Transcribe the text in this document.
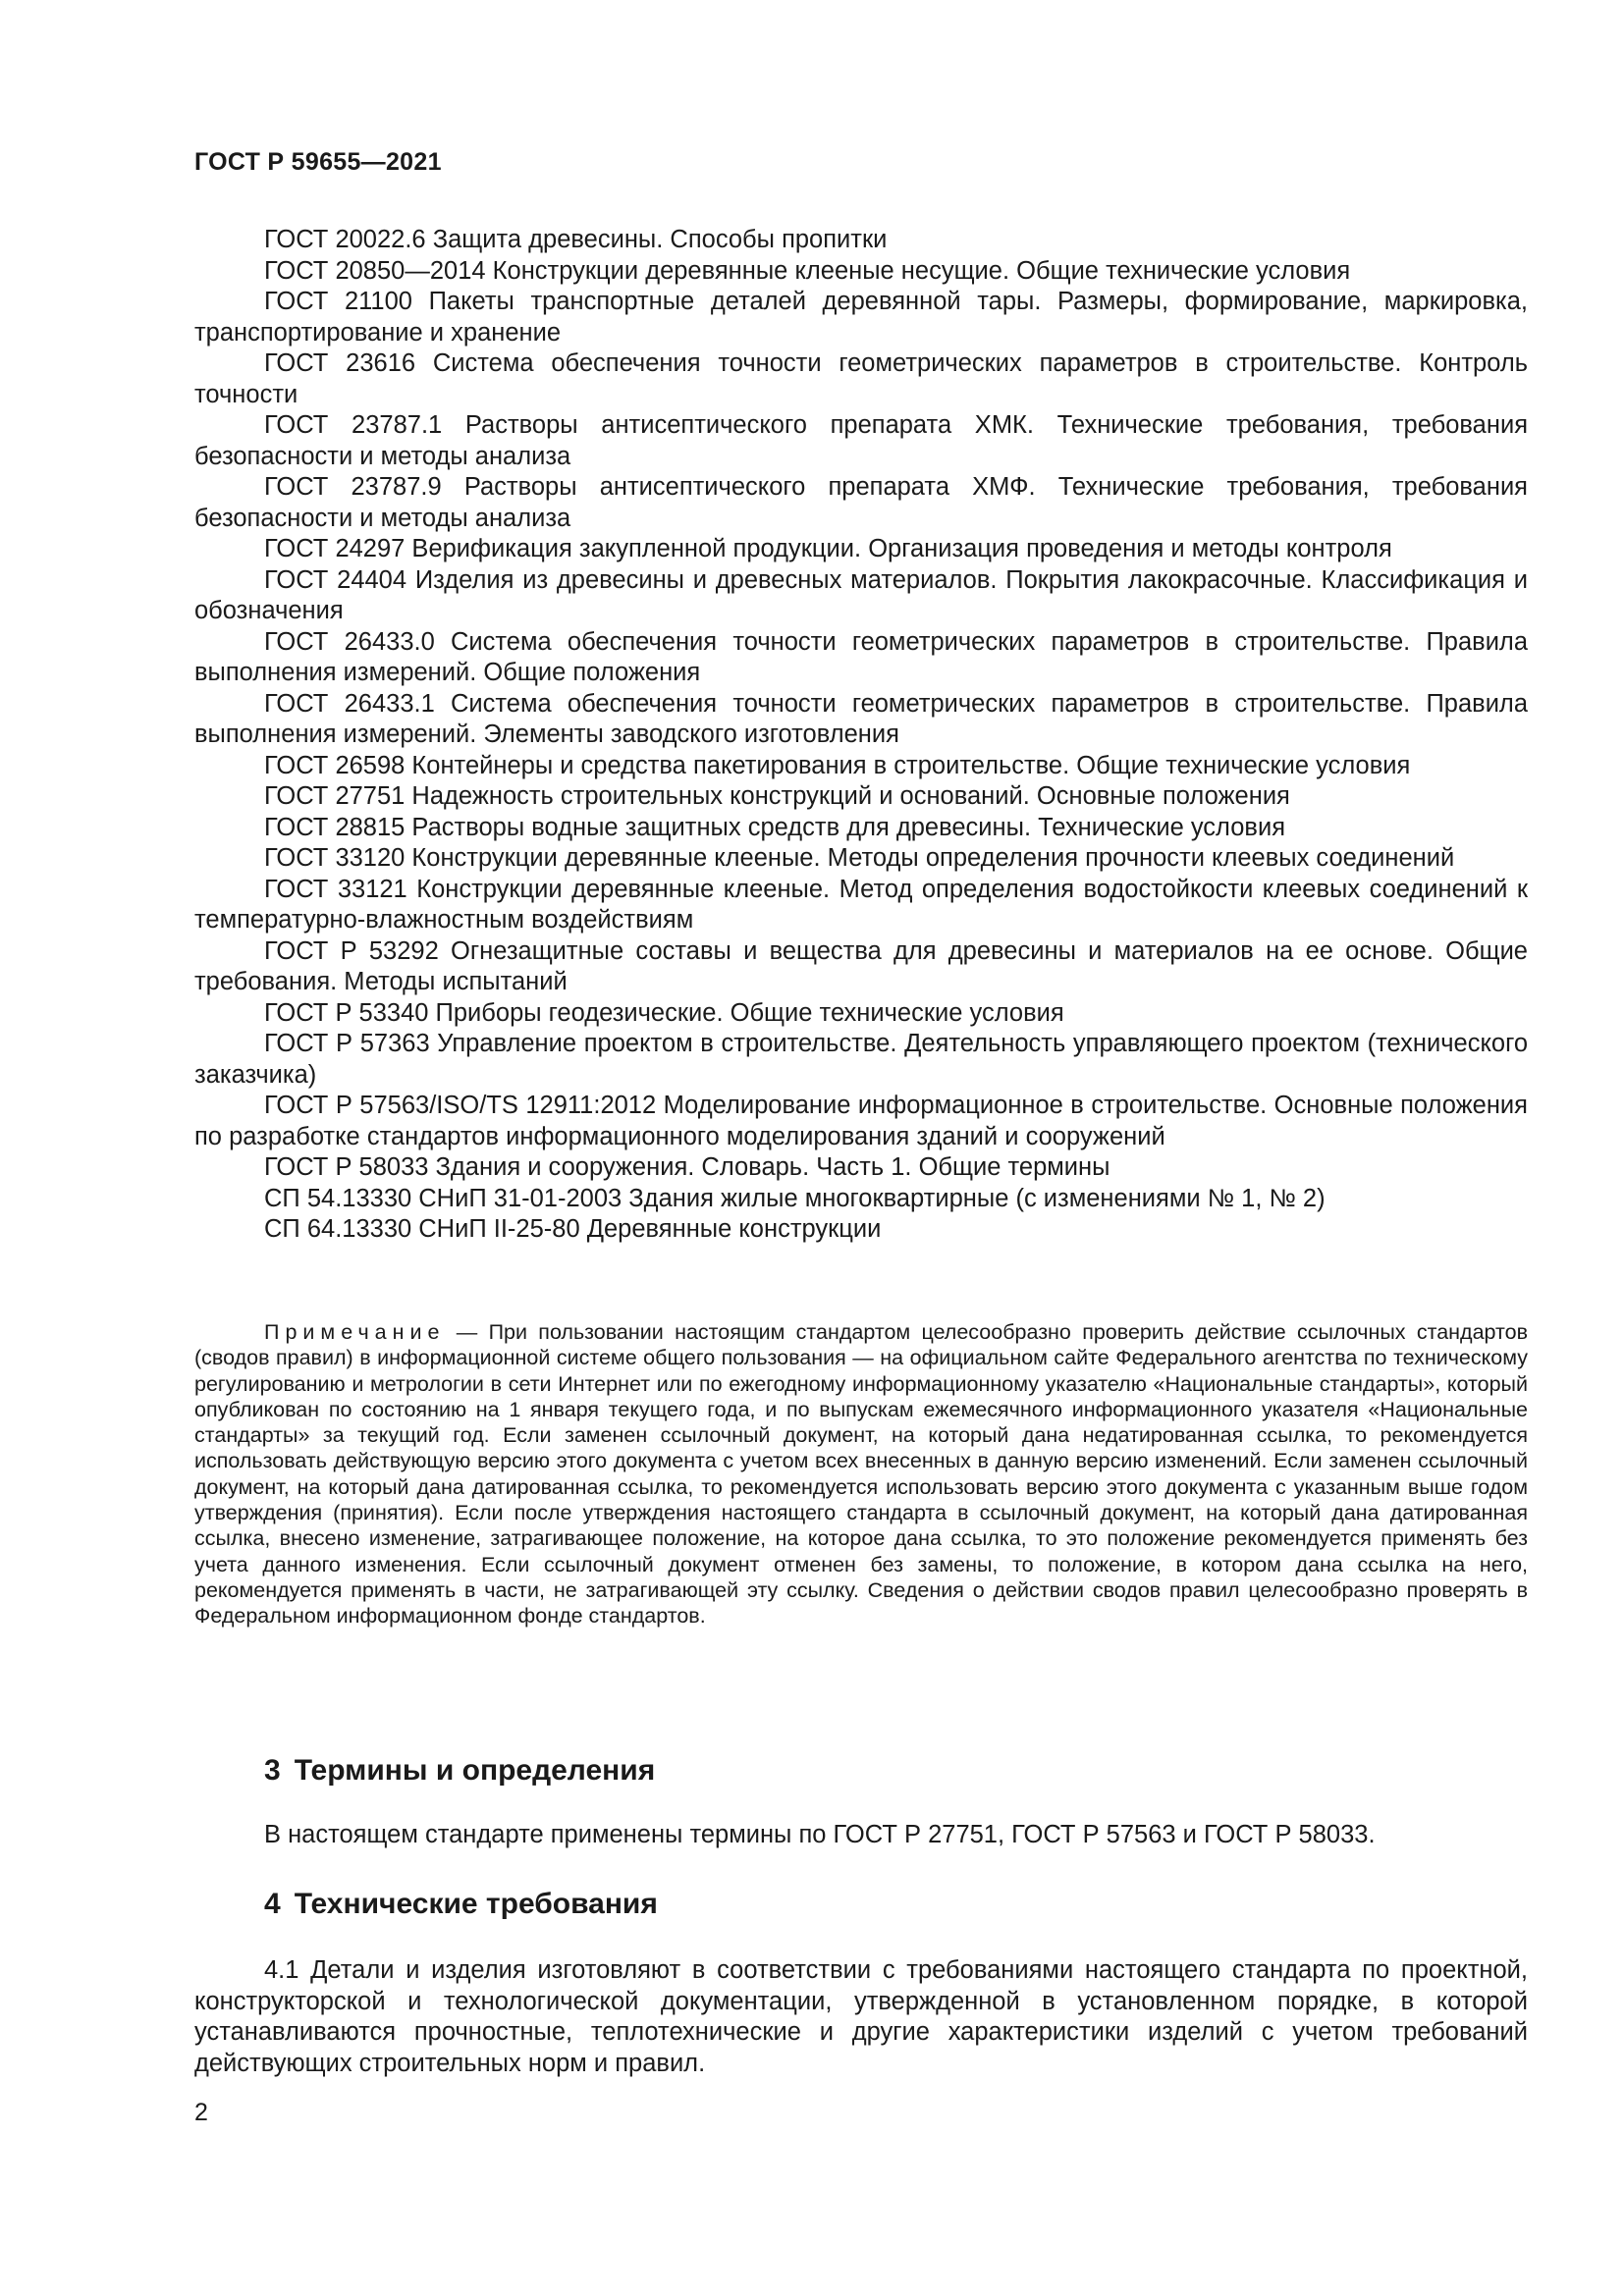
ГОСТ Р 59655—2021

ГОСТ 20022.6 Защита древесины. Способы пропитки

ГОСТ 20850—2014 Конструкции деревянные клееные несущие. Общие технические условия

ГОСТ 21100 Пакеты транспортные деталей деревянной тары. Размеры, формирование, маркировка, транспортирование и хранение

ГОСТ 23616 Система обеспечения точности геометрических параметров в строительстве. Контроль точности

ГОСТ 23787.1 Растворы антисептического препарата ХМК. Технические требования, требования безопасности и методы анализа

ГОСТ 23787.9 Растворы антисептического препарата ХМФ. Технические требования, требования безопасности и методы анализа

ГОСТ 24297 Верификация закупленной продукции. Организация проведения и методы контроля

ГОСТ 24404 Изделия из древесины и древесных материалов. Покрытия лакокрасочные. Классификация и обозначения

ГОСТ 26433.0 Система обеспечения точности геометрических параметров в строительстве. Правила выполнения измерений. Общие положения

ГОСТ 26433.1 Система обеспечения точности геометрических параметров в строительстве. Правила выполнения измерений. Элементы заводского изготовления

ГОСТ 26598 Контейнеры и средства пакетирования в строительстве. Общие технические условия

ГОСТ 27751 Надежность строительных конструкций и оснований. Основные положения

ГОСТ 28815 Растворы водные защитных средств для древесины. Технические условия

ГОСТ 33120 Конструкции деревянные клееные. Методы определения прочности клеевых соединений

ГОСТ 33121 Конструкции деревянные клееные. Метод определения водостойкости клеевых соединений к температурно-влажностным воздействиям

ГОСТ Р 53292 Огнезащитные составы и вещества для древесины и материалов на ее основе. Общие требования. Методы испытаний

ГОСТ Р 53340 Приборы геодезические. Общие технические условия

ГОСТ Р 57363 Управление проектом в строительстве. Деятельность управляющего проектом (технического заказчика)

ГОСТ Р 57563/ISO/TS 12911:2012 Моделирование информационное в строительстве. Основные положения по разработке стандартов информационного моделирования зданий и сооружений

ГОСТ Р 58033 Здания и сооружения. Словарь. Часть 1. Общие термины

СП 54.13330 СНиП 31-01-2003 Здания жилые многоквартирные (с изменениями № 1, № 2)

СП 64.13330 СНиП II-25-80 Деревянные конструкции

Примечание — При пользовании настоящим стандартом целесообразно проверить действие ссылочных стандартов (сводов правил) в информационной системе общего пользования — на официальном сайте Федерального агентства по техническому регулированию и метрологии в сети Интернет или по ежегодному информационному указателю «Национальные стандарты», который опубликован по состоянию на 1 января текущего года, и по выпускам ежемесячного информационного указателя «Национальные стандарты» за текущий год. Если заменен ссылочный документ, на который дана недатированная ссылка, то рекомендуется использовать действующую версию этого документа с учетом всех внесенных в данную версию изменений. Если заменен ссылочный документ, на который дана датированная ссылка, то рекомендуется использовать версию этого документа с указанным выше годом утверждения (принятия). Если после утверждения настоящего стандарта в ссылочный документ, на который дана датированная ссылка, внесено изменение, затрагивающее положение, на которое дана ссылка, то это положение рекомендуется применять без учета данного изменения. Если ссылочный документ отменен без замены, то положение, в котором дана ссылка на него, рекомендуется применять в части, не затрагивающей эту ссылку. Сведения о действии сводов правил целесообразно проверять в Федеральном информационном фонде стандартов.

3 Термины и определения

В настоящем стандарте применены термины по ГОСТ Р 27751, ГОСТ Р 57563 и ГОСТ Р 58033.

4 Технические требования

4.1 Детали и изделия изготовляют в соответствии с требованиями настоящего стандарта по проектной, конструкторской и технологической документации, утвержденной в установленном порядке, в которой устанавливаются прочностные, теплотехнические и другие характеристики изделий с учетом требований действующих строительных норм и правил.

2
